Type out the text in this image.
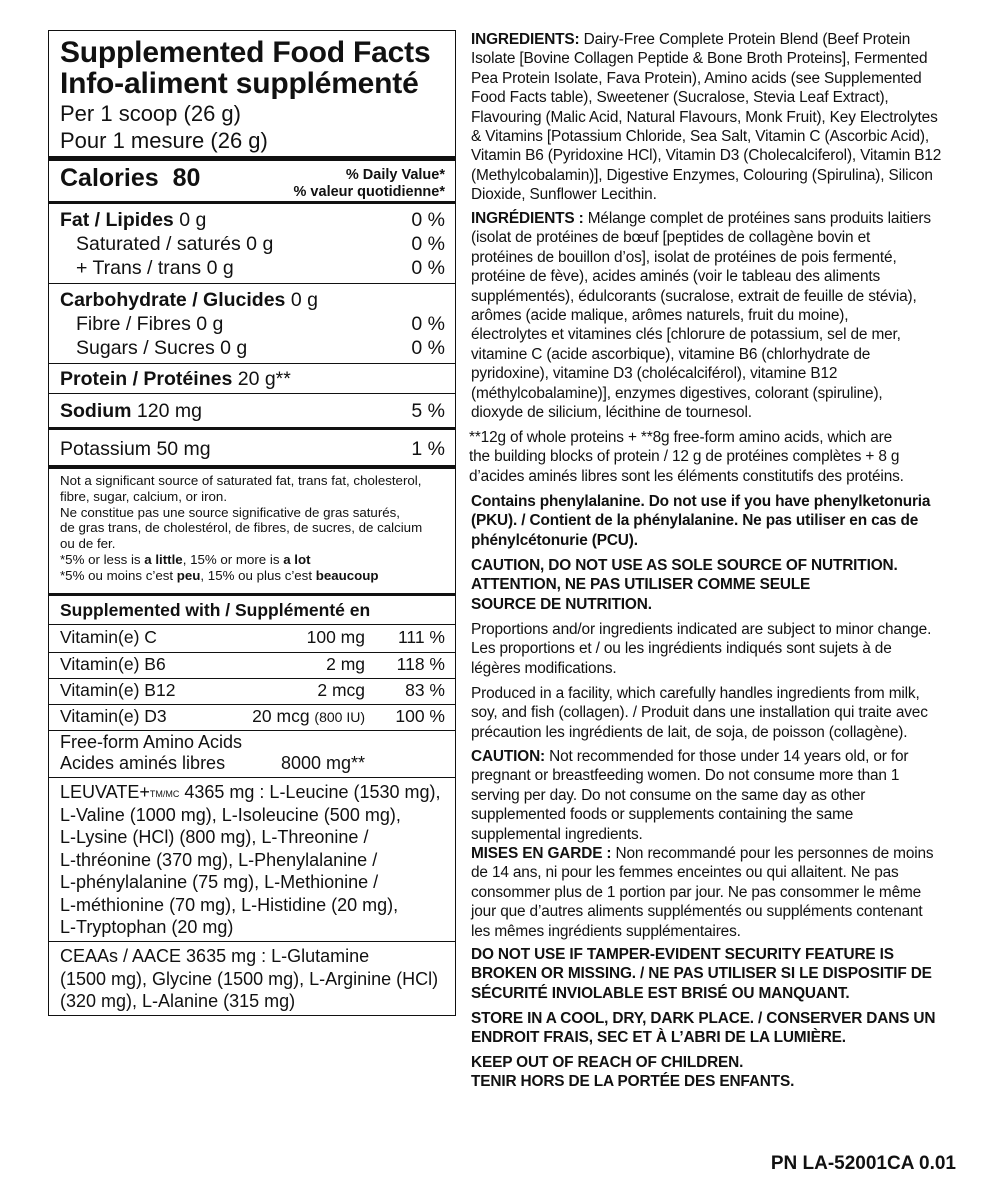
Supplemented Food Facts
Info-aliment supplémenté
Per 1 scoop (26 g)
Pour 1 mesure (26 g)
Calories 80	% Daily Value*
% valeur quotidienne*
Fat / Lipides 0 g	0 %
Saturated / saturés 0 g	0 %
+ Trans / trans 0 g	0 %
Carbohydrate / Glucides 0 g
Fibre / Fibres 0 g	0 %
Sugars / Sucres 0 g	0 %
Protein / Protéines 20 g**
Sodium 120 mg	5 %
Potassium 50 mg	1 %
Not a significant source of saturated fat, trans fat, cholesterol,
fibre, sugar, calcium, or iron.
Ne constitue pas une source significative de gras saturés,
de gras trans, de cholestérol, de fibres, de sucres, de calcium
ou de fer.
*5% or less is a little, 15% or more is a lot
*5% ou moins c’est peu, 15% ou plus c’est beaucoup
Supplemented with / Supplémenté en
Vitamin(e) C	100 mg 111 %
Vitamin(e) B6	2 mg 118 %
Vitamin(e) B12	2 mcg 83 %
Vitamin(e) D3	20 mcg (800 IU) 100 %
Free-form Amino Acids
Acides aminés libres	8000 mg**
LEUVATE+$^{TM/MC}$ 4365 mg : L-Leucine (1530 mg),
L-Valine (1000 mg), L-Isoleucine (500 mg),
L-Lysine (HCl) (800 mg), L-Threonine /
L-thréonine (370 mg), L-Phenylalanine /
L-phénylalanine (75 mg), L-Methionine /
L-méthionine (70 mg), L-Histidine (20 mg),
L-Tryptophan (20 mg)
CEAAs / AACE 3635 mg : L-Glutamine
(1500 mg), Glycine (1500 mg), L-Arginine (HCl)
(320 mg), L-Alanine (315 mg)
INGREDIENTS: Dairy-Free Complete Protein Blend (Beef Protein
Isolate [Bovine Collagen Peptide & Bone Broth Proteins], Fermented
Pea Protein Isolate, Fava Protein), Amino acids (see Supplemented
Food Facts table), Sweetener (Sucralose, Stevia Leaf Extract),
Flavouring (Malic Acid, Natural Flavours, Monk Fruit), Key Electrolytes
& Vitamins [Potassium Chloride, Sea Salt, Vitamin C (Ascorbic Acid),
Vitamin B6 (Pyridoxine HCl), Vitamin D3 (Cholecalciferol), Vitamin B12
(Methylcobalamin)], Digestive Enzymes, Colouring (Spirulina), Silicon
Dioxide, Sunflower Lecithin.
INGRÉDIENTS : Mélange complet de protéines sans produits laitiers
(isolat de protéines de bœuf [peptides de collagène bovin et
protéines de bouillon d’os], isolat de protéines de pois fermenté,
protéine de fève), acides aminés (voir le tableau des aliments
supplémentés), édulcorants (sucralose, extrait de feuille de stévia),
arômes (acide malique, arômes naturels, fruit du moine),
électrolytes et vitamines clés [chlorure de potassium, sel de mer,
vitamine C (acide ascorbique), vitamine B6 (chlorhydrate de
pyridoxine), vitamine D3 (cholécalciférol), vitamine B12
(méthylcobalamine)], enzymes digestives, colorant (spiruline),
dioxyde de silicium, lécithine de tournesol.
**12g of whole proteins + **8g free-form amino acids, which are
the building blocks of protein / 12 g de protéines complètes + 8 g
d’acides aminés libres sont les éléments constitutifs des protéins.
Contains phenylalanine. Do not use if you have phenylketonuria
(PKU). / Contient de la phénylalanine. Ne pas utiliser en cas de
phénylcétonurie (PCU).
CAUTION, DO NOT USE AS SOLE SOURCE OF NUTRITION.
ATTENTION, NE PAS UTILISER COMME SEULE
SOURCE DE NUTRITION.
Proportions and/or ingredients indicated are subject to minor change.
Les proportions et / ou les ingrédients indiqués sont sujets à de
légères modifications.
Produced in a facility, which carefully handles ingredients from milk,
soy, and fish (collagen). / Produit dans une installation qui traite avec
précaution les ingrédients de lait, de soja, de poisson (collagène).
CAUTION: Not recommended for those under 14 years old, or for
pregnant or breastfeeding women. Do not consume more than 1
serving per day. Do not consume on the same day as other
supplemented foods or supplements containing the same
supplemental ingredients.
MISES EN GARDE : Non recommandé pour les personnes de moins
de 14 ans, ni pour les femmes enceintes ou qui allaitent. Ne pas
consommer plus de 1 portion par jour. Ne pas consommer le même
jour que d’autres aliments supplémentés ou suppléments contenant
les mêmes ingrédients supplémentaires.
DO NOT USE IF TAMPER-EVIDENT SECURITY FEATURE IS
BROKEN OR MISSING. / NE PAS UTILISER SI LE DISPOSITIF DE
SÉCURITÉ INVIOLABLE EST BRISÉ OU MANQUANT.
STORE IN A COOL, DRY, DARK PLACE. / CONSERVER DANS UN
ENDROIT FRAIS, SEC ET À L’ABRI DE LA LUMIÈRE.
KEEP OUT OF REACH OF CHILDREN.
TENIR HORS DE LA PORTÉE DES ENFANTS.
PN LA-52001CA 0.01
